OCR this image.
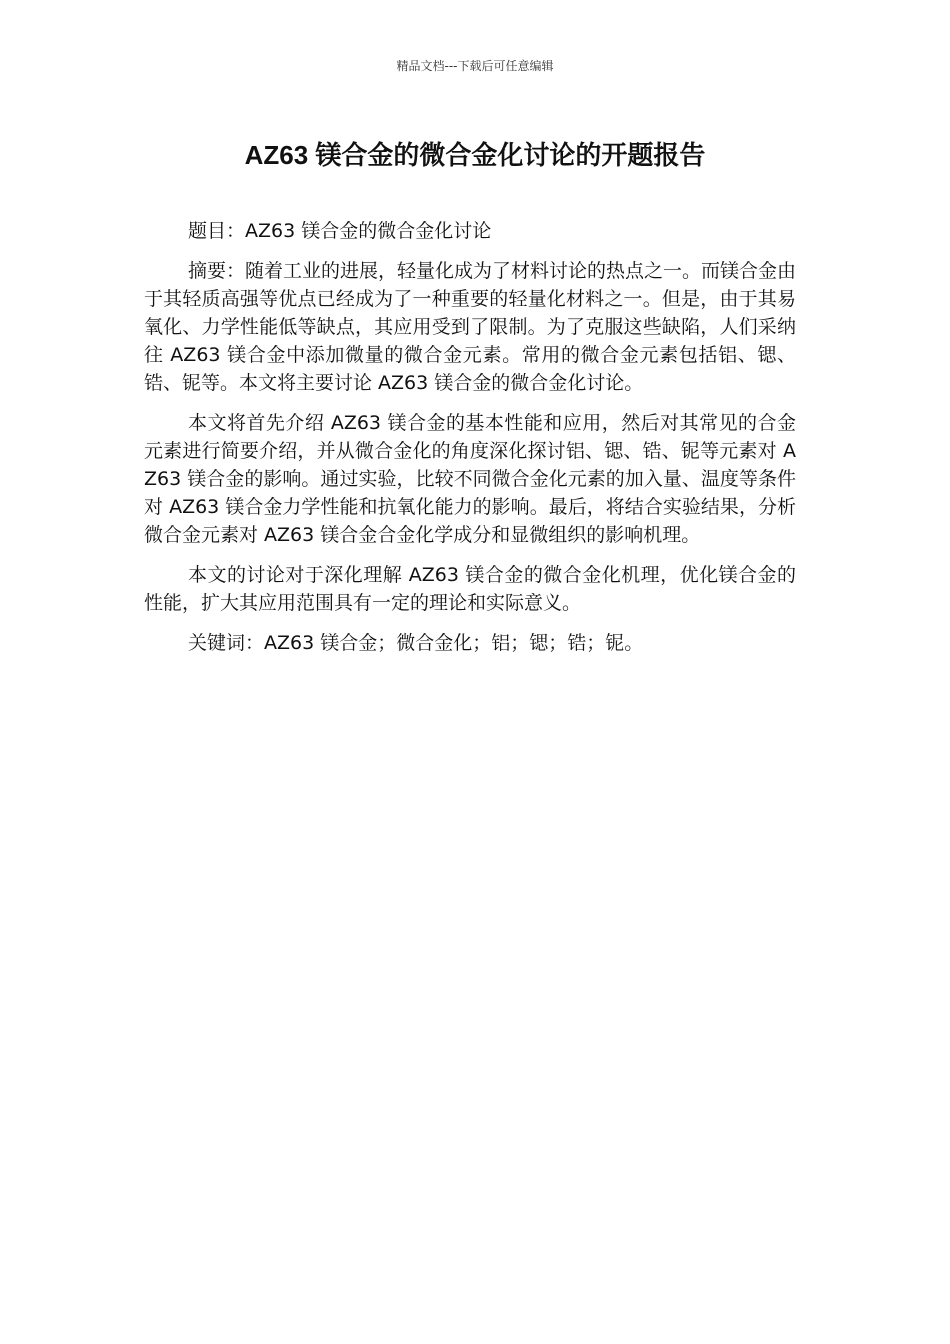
精品文档---下载后可任意编辑
AZ63 镁合金的微合金化讨论的开题报告

题目：AZ63 镁合金的微合金化讨论

摘要：随着工业的进展，轻量化成为了材料讨论的热点之一。而镁合金由于其轻质高强等优点已经成为了一种重要的轻量化材料之一。但是，由于其易氧化、力学性能低等缺点，其应用受到了限制。为了克服这些缺陷，人们采纳往 AZ63 镁合金中添加微量的微合金元素。常用的微合金元素包括铝、锶、锆、铌等。本文将主要讨论 AZ63 镁合金的微合金化讨论。

本文将首先介绍 AZ63 镁合金的基本性能和应用，然后对其常见的合金元素进行简要介绍，并从微合金化的角度深化探讨铝、锶、锆、铌等元素对 AZ63 镁合金的影响。通过实验，比较不同微合金化元素的加入量、温度等条件对 AZ63 镁合金力学性能和抗氧化能力的影响。最后，将结合实验结果，分析微合金元素对 AZ63 镁合金合金化学成分和显微组织的影响机理。

本文的讨论对于深化理解 AZ63 镁合金的微合金化机理，优化镁合金的性能，扩大其应用范围具有一定的理论和实际意义。

关键词：AZ63 镁合金；微合金化；铝；锶；锆；铌。
